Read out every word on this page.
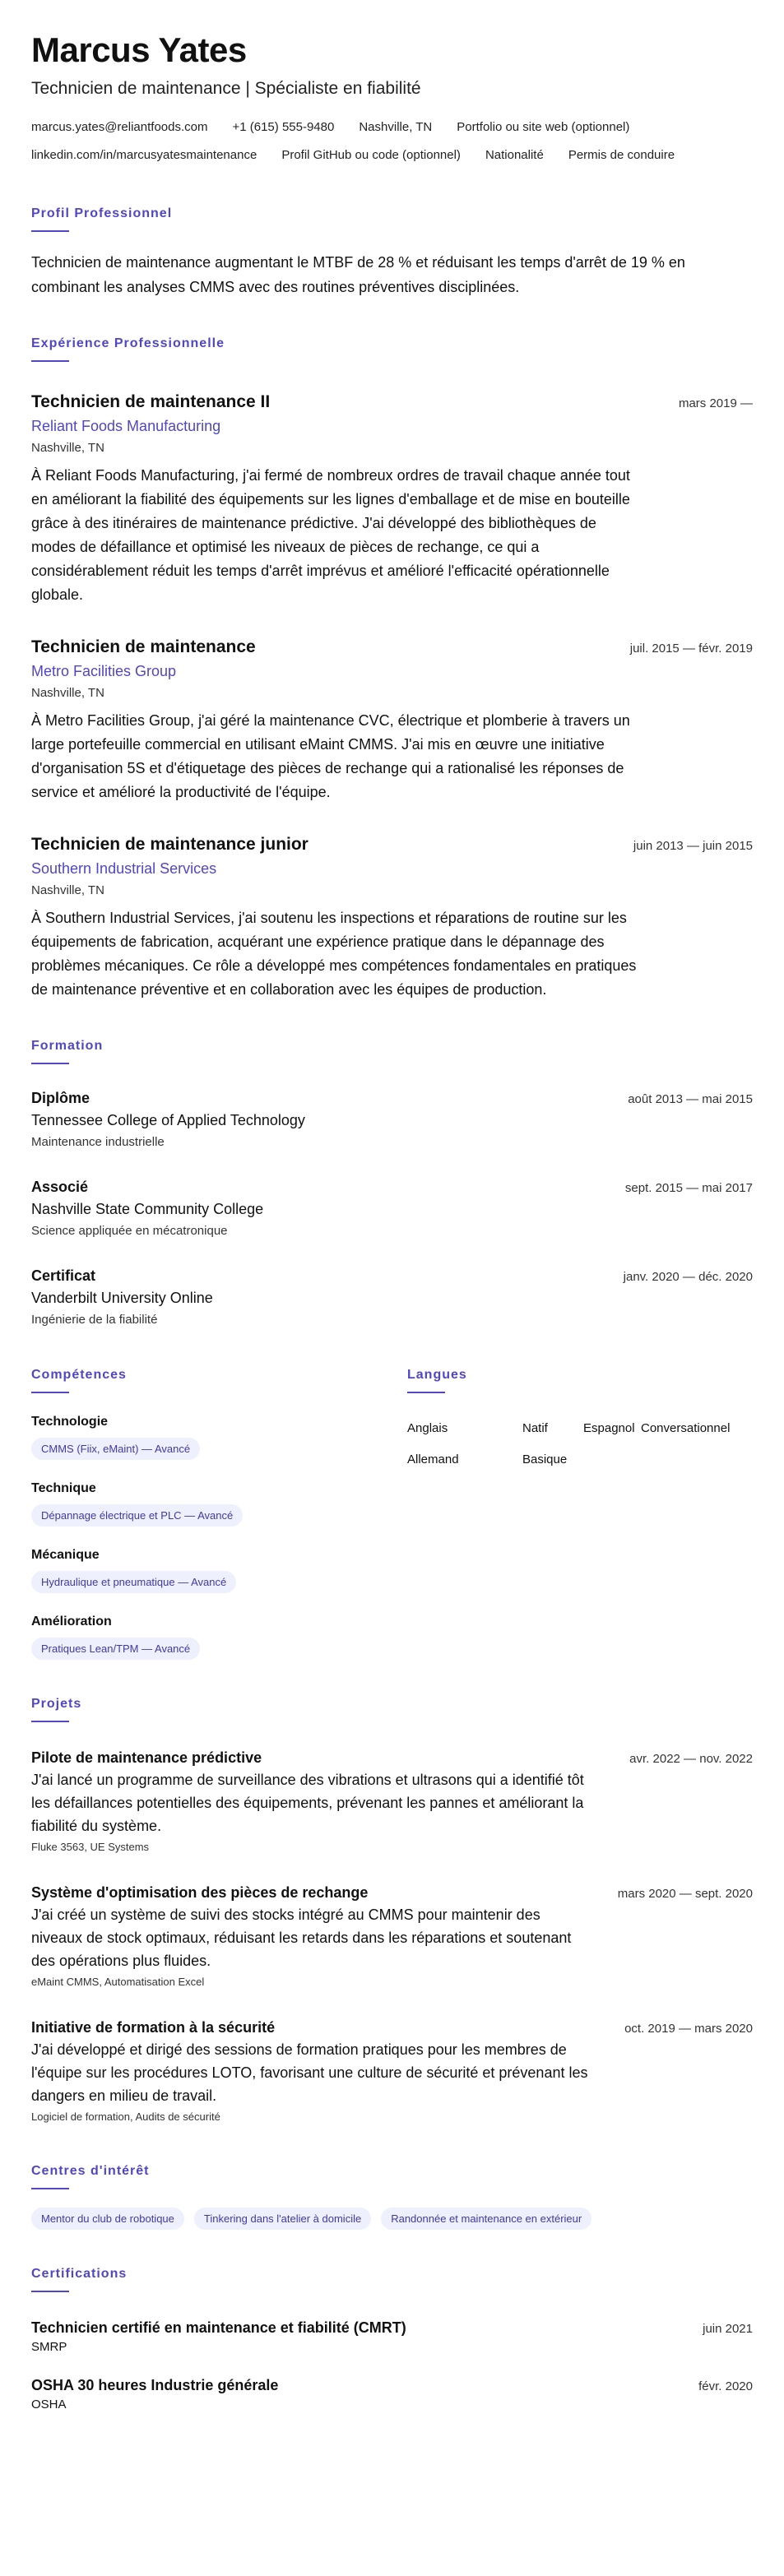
Marcus Yates
Technicien de maintenance | Spécialiste en fiabilité
marcus.yates@reliantfoods.com +1 (615) 555-9480 Nashville, TN Portfolio ou site web (optionnel)
linkedin.com/in/marcusyatesmaintenance Profil GitHub ou code (optionnel) Nationalité Permis de conduire
Profil Professionnel

Technicien de maintenance augmentant le MTBF de 28 % et réduisant les temps d'arrêt de 19 % en combinant les analyses CMMS avec des routines préventives disciplinées.

Expérience Professionnelle
Technicien de maintenance II	mars 2019 —
Reliant Foods Manufacturing
Nashville, TN

À Reliant Foods Manufacturing, j'ai fermé de nombreux ordres de travail chaque année tout en améliorant la fiabilité des équipements sur les lignes d'emballage et de mise en bouteille grâce à des itinéraires de maintenance prédictive. J'ai développé des bibliothèques de modes de défaillance et optimisé les niveaux de pièces de rechange, ce qui a considérablement réduit les temps d'arrêt imprévus et amélioré l'efficacité opérationnelle globale.

Technicien de maintenance	juil. 2015 — févr. 2019
Metro Facilities Group
Nashville, TN

À Metro Facilities Group, j'ai géré la maintenance CVC, électrique et plomberie à travers un large portefeuille commercial en utilisant eMaint CMMS. J'ai mis en œuvre une initiative d'organisation 5S et d'étiquetage des pièces de rechange qui a rationalisé les réponses de service et amélioré la productivité de l'équipe.

Technicien de maintenance junior	juin 2013 — juin 2015
Southern Industrial Services
Nashville, TN

À Southern Industrial Services, j'ai soutenu les inspections et réparations de routine sur les équipements de fabrication, acquérant une expérience pratique dans le dépannage des problèmes mécaniques. Ce rôle a développé mes compétences fondamentales en pratiques de maintenance préventive et en collaboration avec les équipes de production.

Formation
Diplôme	août 2013 — mai 2015
Tennessee College of Applied Technology
Maintenance industrielle
Associé	sept. 2015 — mai 2017
Nashville State Community College
Science appliquée en mécatronique
Certificat	janv. 2020 — déc. 2020
Vanderbilt University Online
Ingénierie de la fiabilité
Compétences
Technologie
CMMS (Fiix, eMaint) — Avancé
Technique
Dépannage électrique et PLC — Avancé
Mécanique
Hydraulique et pneumatique — Avancé
Amélioration
Pratiques Lean/TPM — Avancé
Langues
Anglais	Natif	Espagnol Conversationnel
Allemand	Basique
Projets
Pilote de maintenance prédictive	avr. 2022 — nov. 2022

J'ai lancé un programme de surveillance des vibrations et ultrasons qui a identifié tôt les défaillances potentielles des équipements, prévenant les pannes et améliorant la fiabilité du système.

Fluke 3563, UE Systems
Système d'optimisation des pièces de rechange	mars 2020 — sept. 2020

J'ai créé un système de suivi des stocks intégré au CMMS pour maintenir des niveaux de stock optimaux, réduisant les retards dans les réparations et soutenant des opérations plus fluides.

eMaint CMMS, Automatisation Excel
Initiative de formation à la sécurité	oct. 2019 — mars 2020

J'ai développé et dirigé des sessions de formation pratiques pour les membres de l'équipe sur les procédures LOTO, favorisant une culture de sécurité et prévenant les dangers en milieu de travail.

Logiciel de formation, Audits de sécurité
Centres d'intérêt
Mentor du club de robotique	Tinkering dans l'atelier à domicile	Randonnée et maintenance en extérieur
Certifications
Technicien certifié en maintenance et fiabilité (CMRT)	juin 2021
SMRP
OSHA 30 heures Industrie générale	févr. 2020
OSHA
